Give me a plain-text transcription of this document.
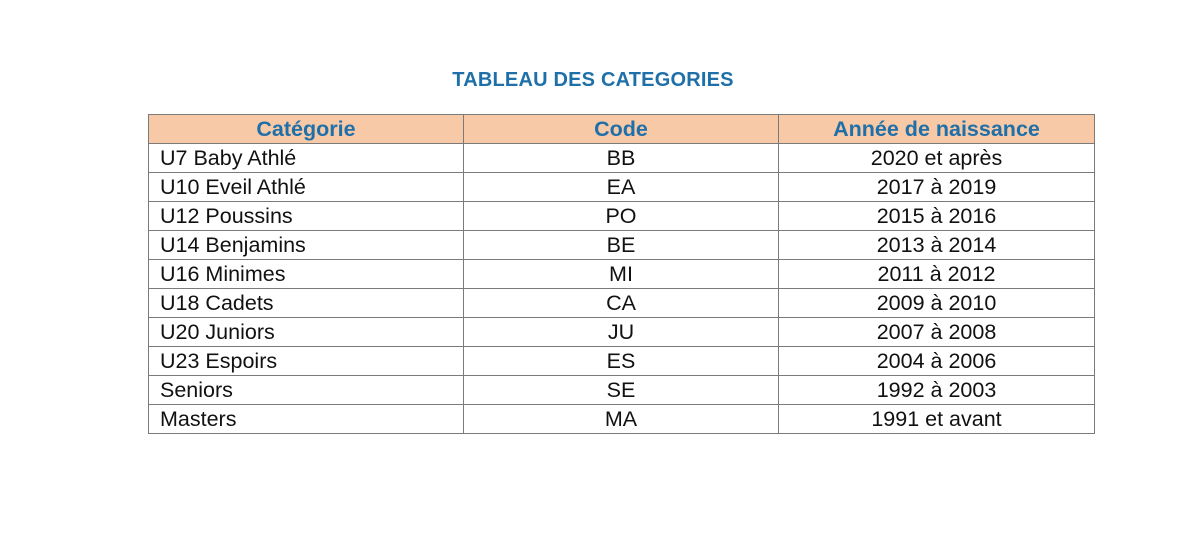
TABLEAU DES CATEGORIES
Catégorie	Code	Année de naissance
U7 Baby Athlé	BB	2020 et après
U10 Eveil Athlé	EA	2017 à 2019
U12 Poussins	PO	2015 à 2016
U14 Benjamins	BE	2013 à 2014
U16 Minimes	MI	2011 à 2012
U18 Cadets	CA	2009 à 2010
U20 Juniors	JU	2007 à 2008
U23 Espoirs	ES	2004 à 2006
Seniors	SE	1992 à 2003
Masters	MA	1991 et avant
